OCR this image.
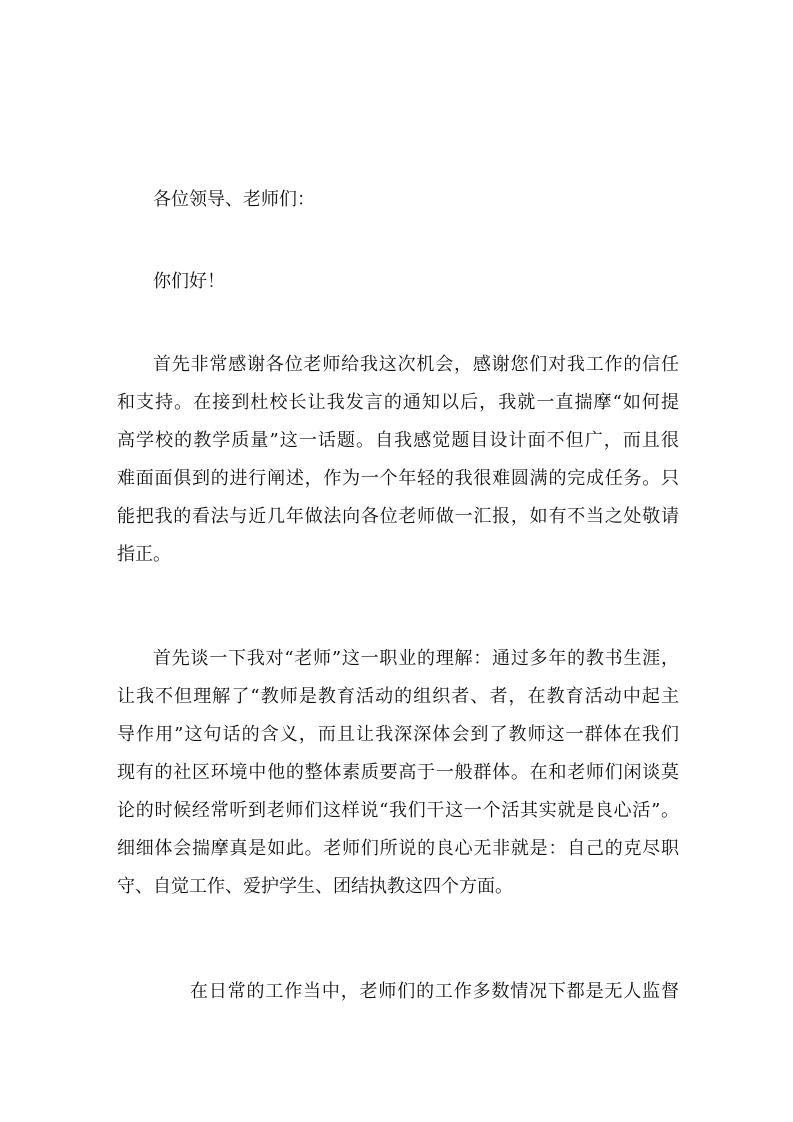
各位领导、老师们：
你们好！
首先非常感谢各位老师给我这次机会，感谢您们对我工作的信任
和支持。在接到杜校长让我发言的通知以后，我就一直揣摩“如何提
高学校的教学质量”这一话题。自我感觉题目设计面不但广，而且很
难面面俱到的进行阐述，作为一个年轻的我很难圆满的完成任务。只
能把我的看法与近几年做法向各位老师做一汇报，如有不当之处敬请
指正。
首先谈一下我对“老师”这一职业的理解：通过多年的教书生涯，
让我不但理解了“教师是教育活动的组织者、者，在教育活动中起主
导作用”这句话的含义，而且让我深深体会到了教师这一群体在我们
现有的社区环境中他的整体素质要高于一般群体。在和老师们闲谈莫
论的时候经常听到老师们这样说“我们干这一个活其实就是良心活”。
细细体会揣摩真是如此。老师们所说的良心无非就是：自己的克尽职
守、自觉工作、爱护学生、团结执教这四个方面。
在日常的工作当中，老师们的工作多数情况下都是无人监督
